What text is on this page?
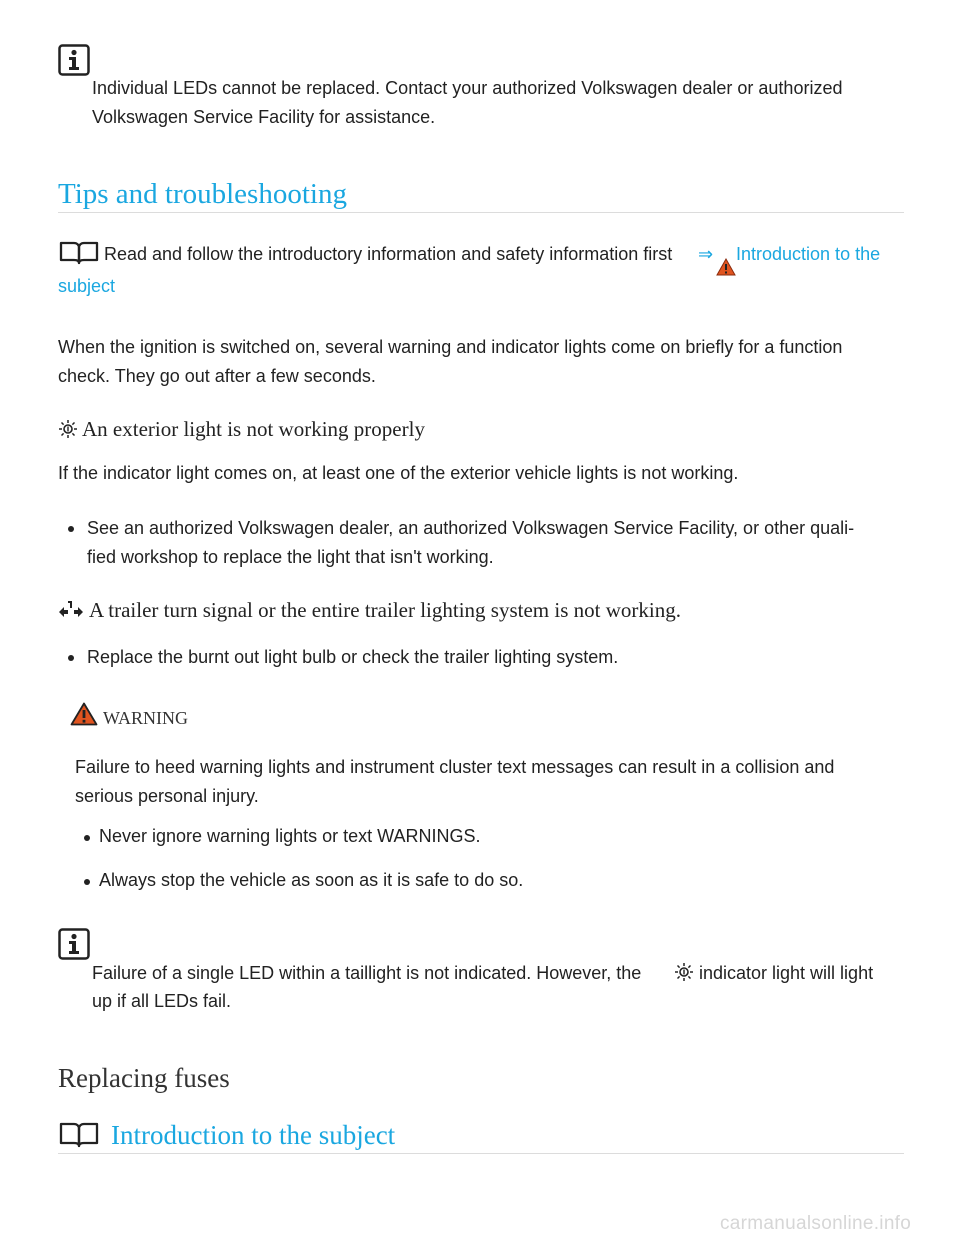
Individual LEDs cannot be replaced. Contact your authorized Volkswagen dealer or authorized
Volkswagen Service Facility for assistance.
Tips and troubleshooting
Read and follow the introductory information and safety information first ⇒ Introduction to the
subject
When the ignition is switched on, several warning and indicator lights come on briefly for a function
check. They go out after a few seconds.
An exterior light is not working properly
If the indicator light comes on, at least one of the exterior vehicle lights is not working.
See an authorized Volkswagen dealer, an authorized Volkswagen Service Facility, or other quali-
fied workshop to replace the light that isn't working.
A trailer turn signal or the entire trailer lighting system is not working.
Replace the burnt out light bulb or check the trailer lighting system.
WARNING
Failure to heed warning lights and instrument cluster text messages can result in a collision and
serious personal injury.
Never ignore warning lights or text WARNINGS.
Always stop the vehicle as soon as it is safe to do so.
Failure of a single LED within a taillight is not indicated. However, the	indicator light will light
up if all LEDs fail.
Replacing fuses
Introduction to the subject
carmanualsonline.info
